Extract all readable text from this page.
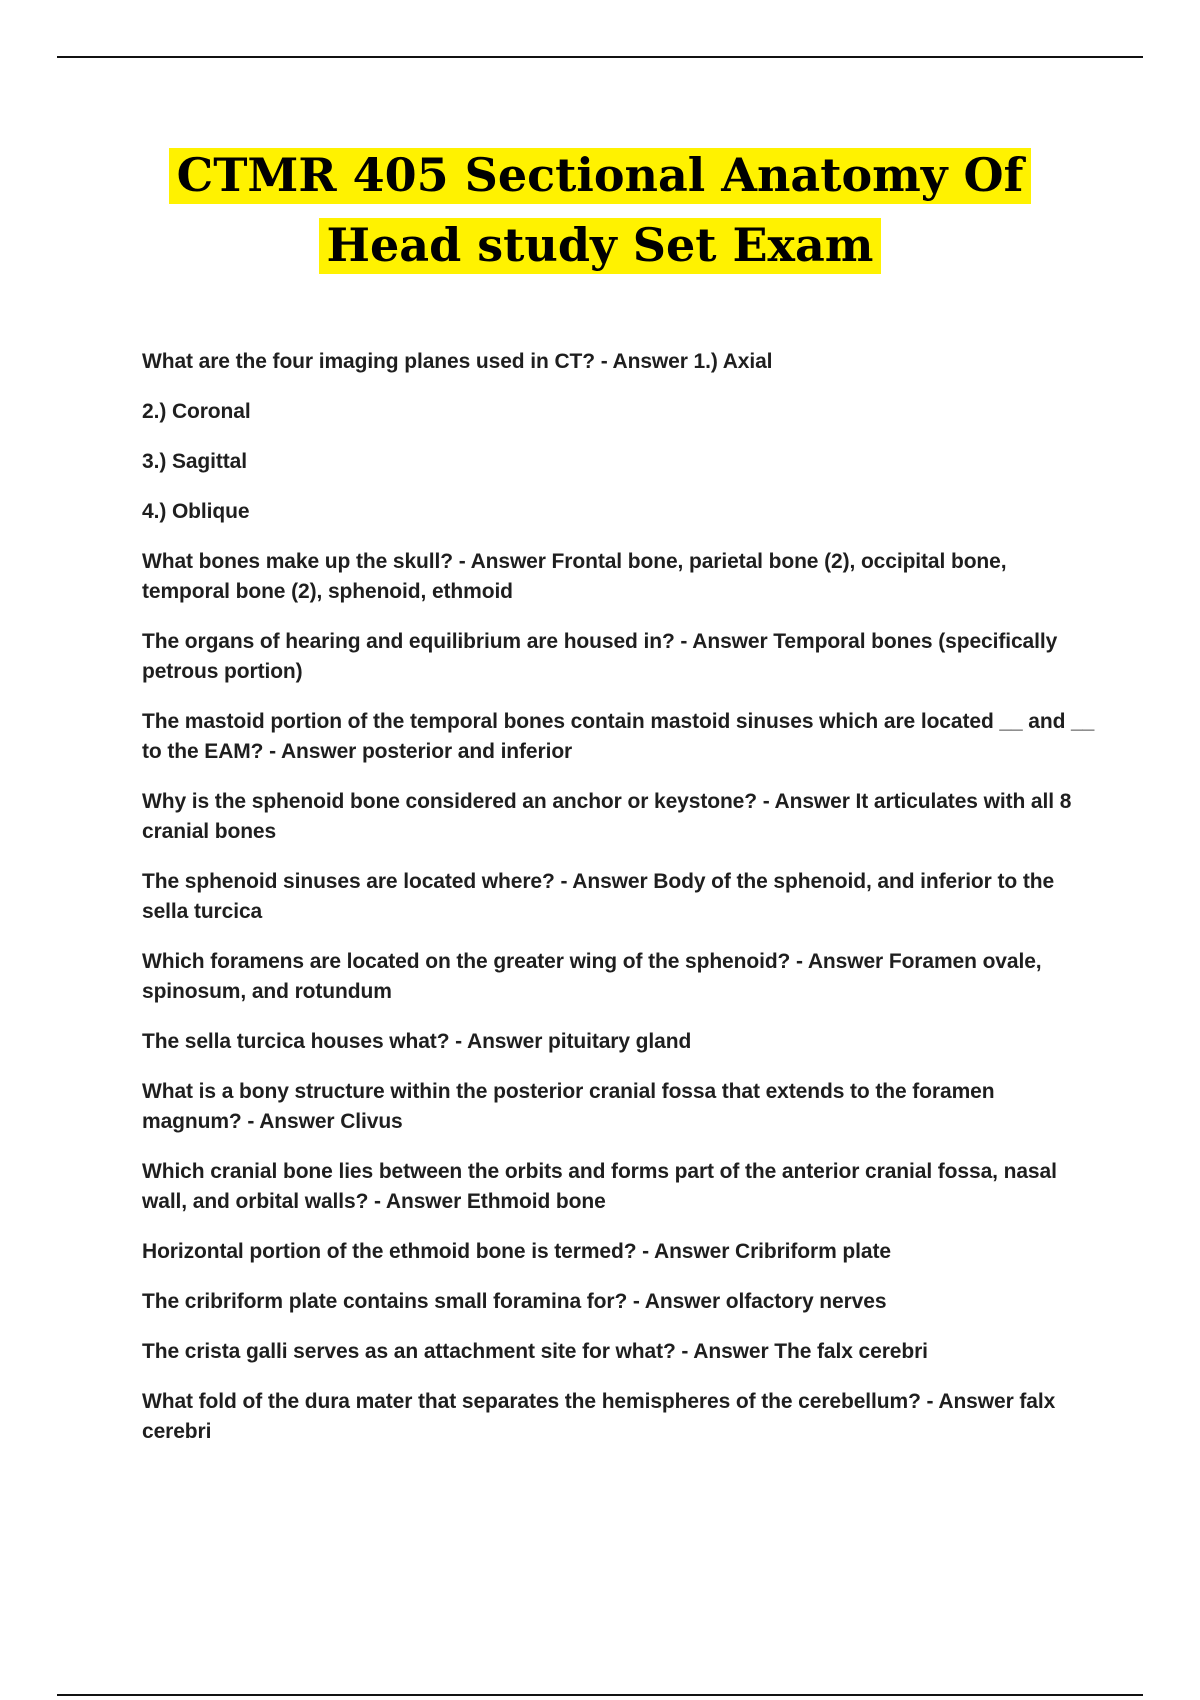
CTMR 405 Sectional Anatomy Of
Head study Set Exam

What are the four imaging planes used in CT? - Answer 1.) Axial

2.) Coronal

3.) Sagittal

4.) Oblique

What bones make up the skull? - Answer Frontal bone, parietal bone (2), occipital bone, temporal bone (2), sphenoid, ethmoid

The organs of hearing and equilibrium are housed in? - Answer Temporal bones (specifically petrous portion)

The mastoid portion of the temporal bones contain mastoid sinuses which are located __ and __ to the EAM? - Answer posterior and inferior

Why is the sphenoid bone considered an anchor or keystone? - Answer It articulates with all 8 cranial bones

The sphenoid sinuses are located where? - Answer Body of the sphenoid, and inferior to the sella turcica

Which foramens are located on the greater wing of the sphenoid? - Answer Foramen ovale, spinosum, and rotundum

The sella turcica houses what? - Answer pituitary gland

What is a bony structure within the posterior cranial fossa that extends to the foramen magnum? - Answer Clivus

Which cranial bone lies between the orbits and forms part of the anterior cranial fossa, nasal wall, and orbital walls? - Answer Ethmoid bone

Horizontal portion of the ethmoid bone is termed? - Answer Cribriform plate

The cribriform plate contains small foramina for? - Answer olfactory nerves

The crista galli serves as an attachment site for what? - Answer The falx cerebri

What fold of the dura mater that separates the hemispheres of the cerebellum? - Answer falx cerebri
